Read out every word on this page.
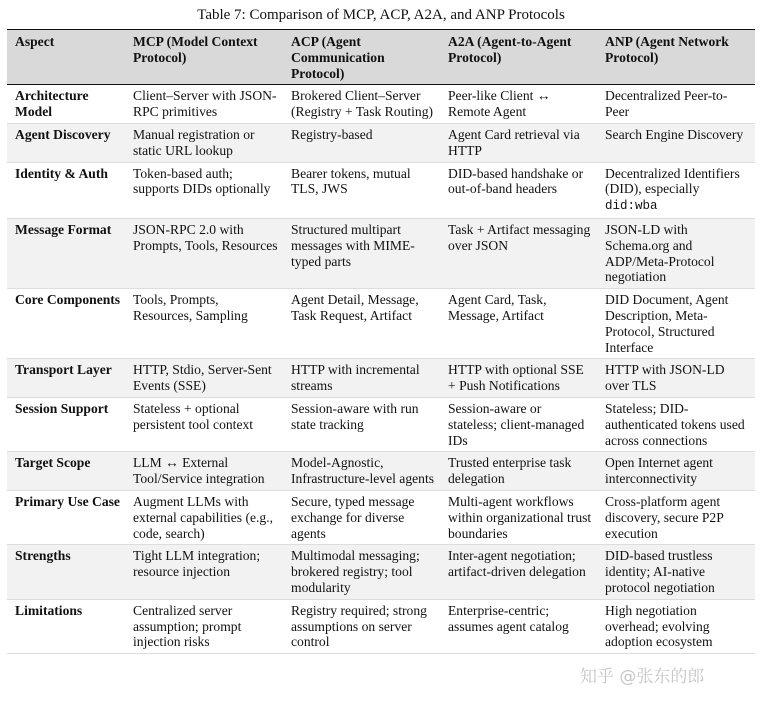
Table 7: Comparison of MCP, ACP, A2A, and ANP Protocols
Aspect	MCP (Model Context Protocol)	ACP (Agent Communication Protocol)	A2A (Agent-to-Agent Protocol)	ANP (Agent Network Protocol)
Architecture Model	Client–Server with JSON-RPC primitives	Brokered Client–Server (Registry + Task Routing)	Peer-like Client ↔ Remote Agent	Decentralized Peer-to-Peer
Agent Discovery	Manual registration or static URL lookup	Registry-based	Agent Card retrieval via HTTP	Search Engine Discovery
Identity & Auth	Token-based auth; supports DIDs optionally	Bearer tokens, mutual TLS, JWS	DID-based handshake or out-of-band headers	Decentralized Identifiers (DID), especially did:wba
Message Format	JSON-RPC 2.0 with Prompts, Tools, Resources	Structured multipart messages with MIME-typed parts	Task + Artifact messaging over JSON	JSON-LD with Schema.org and ADP/Meta-Protocol negotiation
Core Components	Tools, Prompts, Resources, Sampling	Agent Detail, Message, Task Request, Artifact	Agent Card, Task, Message, Artifact	DID Document, Agent Description, Meta-Protocol, Structured Interface
Transport Layer	HTTP, Stdio, Server-Sent Events (SSE)	HTTP with incremental streams	HTTP with optional SSE + Push Notifications	HTTP with JSON-LD over TLS
Session Support	Stateless + optional persistent tool context	Session-aware with run state tracking	Session-aware or stateless; client-managed IDs	Stateless; DID-authenticated tokens used across connections
Target Scope	LLM ↔ External Tool/Service integration	Model-Agnostic, Infrastructure-level agents	Trusted enterprise task delegation	Open Internet agent interconnectivity
Primary Use Case	Augment LLMs with external capabilities (e.g., code, search)	Secure, typed message exchange for diverse agents	Multi-agent workflows within organizational trust boundaries	Cross-platform agent discovery, secure P2P execution
Strengths	Tight LLM integration; resource injection	Multimodal messaging; brokered registry; tool modularity	Inter-agent negotiation; artifact-driven delegation	DID-based trustless identity; AI-native protocol negotiation
Limitations	Centralized server assumption; prompt injection risks	Registry required; strong assumptions on server control	Enterprise-centric; assumes agent catalog	High negotiation overhead; evolving adoption ecosystem
知乎 @张东的郎
